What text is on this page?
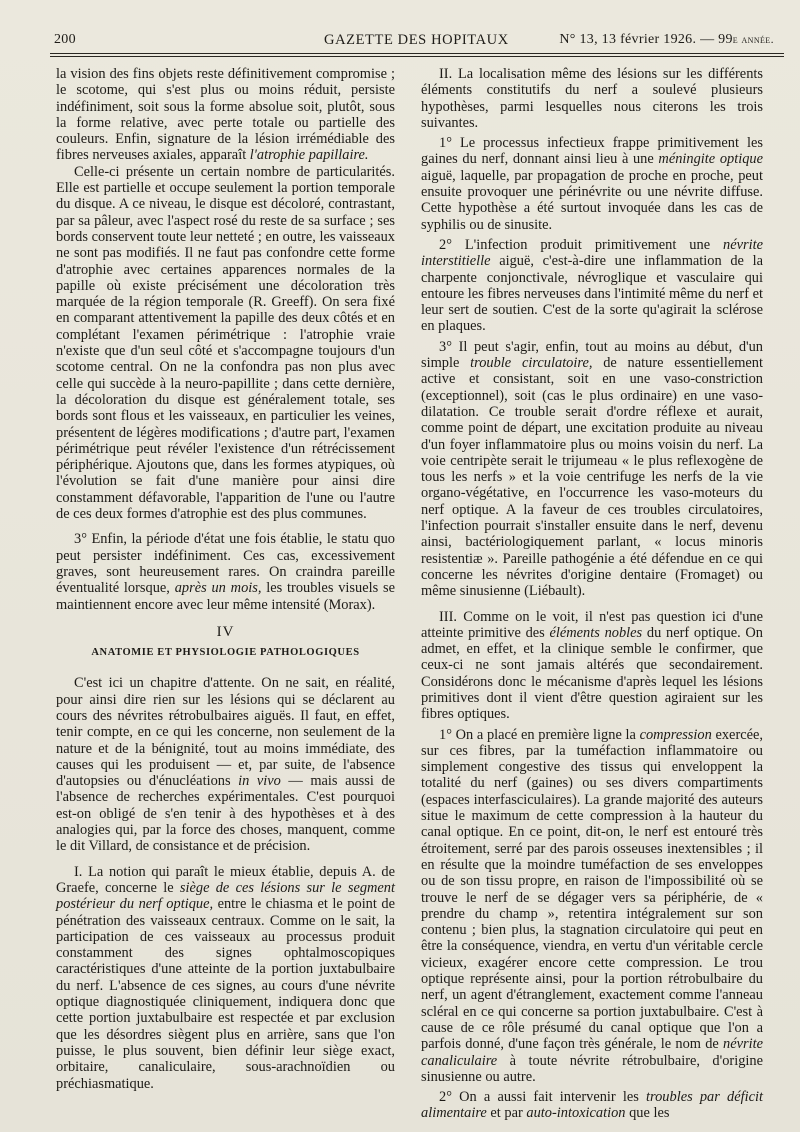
200	GAZETTE DES HOPITAUX	N° 13, 13 février 1926. — 99e année.

la vision des fins objets reste définitivement compromise ; le scotome, qui s'est plus ou moins réduit, persiste indéfiniment, soit sous la forme absolue soit, plutôt, sous la forme relative, avec perte totale ou partielle des couleurs. Enfin, signature de la lésion irrémédiable des fibres nerveuses axiales, apparaît l'atrophie papillaire.

Celle-ci présente un certain nombre de particularités. Elle est partielle et occupe seulement la portion temporale du disque. A ce niveau, le disque est décoloré, contrastant, par sa pâleur, avec l'aspect rosé du reste de sa surface ; ses bords conservent toute leur netteté ; en outre, les vaisseaux ne sont pas modifiés. Il ne faut pas confondre cette forme d'atrophie avec certaines apparences normales de la papille où existe précisément une décoloration très marquée de la région temporale (R. Greeff). On sera fixé en comparant attentivement la papille des deux côtés et en complétant l'examen périmétrique : l'atrophie vraie n'existe que d'un seul côté et s'accompagne toujours d'un scotome central. On ne la confondra pas non plus avec celle qui succède à la neuro-papillite ; dans cette dernière, la décoloration du disque est généralement totale, ses bords sont flous et les vaisseaux, en particulier les veines, présentent de légères modifications ; d'autre part, l'examen périmétrique peut révéler l'existence d'un rétrécissement périphérique. Ajoutons que, dans les formes atypiques, où l'évolution se fait d'une manière pour ainsi dire constamment défavorable, l'apparition de l'une ou l'autre de ces deux formes d'atrophie est des plus communes.

3° Enfin, la période d'état une fois établie, le statu quo peut persister indéfiniment. Ces cas, excessivement graves, sont heureusement rares. On craindra pareille éventualité lorsque, après un mois, les troubles visuels se maintiennent encore avec leur même intensité (Morax).

IV
ANATOMIE ET PHYSIOLOGIE PATHOLOGIQUES

C'est ici un chapitre d'attente. On ne sait, en réalité, pour ainsi dire rien sur les lésions qui se déclarent au cours des névrites rétrobulbaires aiguës. Il faut, en effet, tenir compte, en ce qui les concerne, non seulement de la nature et de la bénignité, tout au moins immédiate, des causes qui les produisent — et, par suite, de l'absence d'autopsies ou d'énucléations in vivo — mais aussi de l'absence de recherches expérimentales. C'est pourquoi est-on obligé de s'en tenir à des hypothèses et à des analogies qui, par la force des choses, manquent, comme le dit Villard, de consistance et de précision.

I. La notion qui paraît le mieux établie, depuis A. de Graefe, concerne le siège de ces lésions sur le segment postérieur du nerf optique, entre le chiasma et le point de pénétration des vaisseaux centraux. Comme on le sait, la participation de ces vaisseaux au processus produit constamment des signes ophtalmoscopiques caractéristiques d'une atteinte de la portion juxtabulbaire du nerf. L'absence de ces signes, au cours d'une névrite optique diagnostiquée cliniquement, indiquera donc que cette portion juxtabulbaire est respectée et par exclusion que les désordres siègent plus en arrière, sans que l'on puisse, le plus souvent, bien définir leur siège exact, orbitaire, canaliculaire, sous-arachnoïdien ou préchiasmatique.

II. La localisation même des lésions sur les différents éléments constitutifs du nerf a soulevé plusieurs hypothèses, parmi lesquelles nous citerons les trois suivantes.

1° Le processus infectieux frappe primitivement les gaines du nerf, donnant ainsi lieu à une méningite optique aiguë, laquelle, par propagation de proche en proche, peut ensuite provoquer une périnévrite ou une névrite diffuse. Cette hypothèse a été surtout invoquée dans les cas de syphilis ou de sinusite.

2° L'infection produit primitivement une névrite interstitielle aiguë, c'est-à-dire une inflammation de la charpente conjonctivale, névroglique et vasculaire qui entoure les fibres nerveuses dans l'intimité même du nerf et leur sert de soutien. C'est de la sorte qu'agirait la sclérose en plaques.

3° Il peut s'agir, enfin, tout au moins au début, d'un simple trouble circulatoire, de nature essentiellement active et consistant, soit en une vaso-constriction (exceptionnel), soit (cas le plus ordinaire) en une vaso-dilatation. Ce trouble serait d'ordre réflexe et aurait, comme point de départ, une excitation produite au niveau d'un foyer inflammatoire plus ou moins voisin du nerf. La voie centripète serait le trijumeau « le plus reflexogène de tous les nerfs » et la voie centrifuge les nerfs de la vie organo-végétative, en l'occurrence les vaso-moteurs du nerf optique. A la faveur de ces troubles circulatoires, l'infection pourrait s'installer ensuite dans le nerf, devenu ainsi, bactériologiquement parlant, « locus minoris resistentiæ ». Pareille pathogénie a été défendue en ce qui concerne les névrites d'origine dentaire (Fromaget) ou même sinusienne (Liébault).

III. Comme on le voit, il n'est pas question ici d'une atteinte primitive des éléments nobles du nerf optique. On admet, en effet, et la clinique semble le confirmer, que ceux-ci ne sont jamais altérés que secondairement. Considérons donc le mécanisme d'après lequel les lésions primitives dont il vient d'être question agiraient sur les fibres optiques.

1° On a placé en première ligne la compression exercée, sur ces fibres, par la tuméfaction inflammatoire ou simplement congestive des tissus qui enveloppent la totalité du nerf (gaines) ou ses divers compartiments (espaces interfasciculaires). La grande majorité des auteurs situe le maximum de cette compression à la hauteur du canal optique. En ce point, dit-on, le nerf est entouré très étroitement, serré par des parois osseuses inextensibles ; il en résulte que la moindre tuméfaction de ses enveloppes ou de son tissu propre, en raison de l'impossibilité où se trouve le nerf de se dégager vers sa périphérie, de « prendre du champ », retentira intégralement sur son contenu ; bien plus, la stagnation circulatoire qui peut en être la conséquence, viendra, en vertu d'un véritable cercle vicieux, exagérer encore cette compression. Le trou optique représente ainsi, pour la portion rétrobulbaire du nerf, un agent d'étranglement, exactement comme l'anneau scléral en ce qui concerne sa portion juxtabulbaire. C'est à cause de ce rôle présumé du canal optique que l'on a parfois donné, d'une façon très générale, le nom de névrite canaliculaire à toute névrite rétrobulbaire, d'origine sinusienne ou autre.

2° On a aussi fait intervenir les troubles par déficit alimentaire et par auto-intoxication que les
